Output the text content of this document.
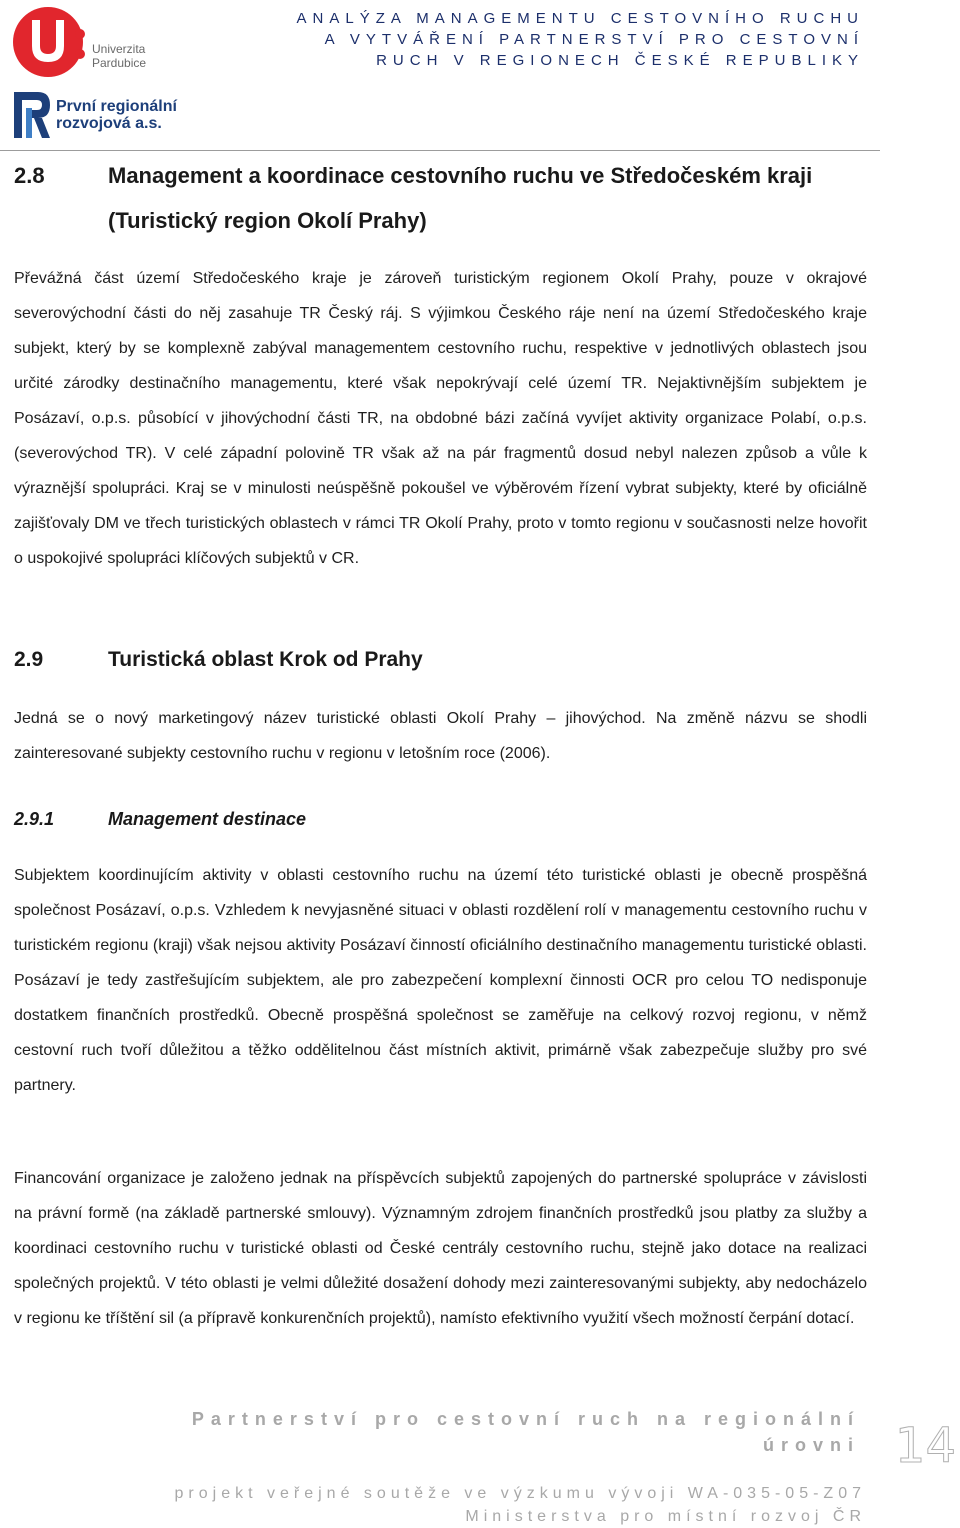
Univerzita
Pardubice
První regionální
rozvojová a.s.
ANALÝZA MANAGEMENTU CESTOVNÍHO RUCHU
A VYTVÁŘENÍ PARTNERSTVÍ PRO CESTOVNÍ
RUCH V REGIONECH ČESKÉ REPUBLIKY
2.8	Management a koordinace cestovního ruchu ve Středočeském kraji
(Turistický region Okolí Prahy)

Převážná část území Středočeského kraje je zároveň turistickým regionem Okolí Prahy, pouze v okrajové severovýchodní části do něj zasahuje TR Český ráj. S výjimkou Českého ráje není na území Středočeského kraje subjekt, který by se komplexně zabýval managementem cestovního ruchu, respektive v jednotlivých oblastech jsou určité zárodky destinačního managementu, které však nepokrývají celé území TR. Nejaktivnějším subjektem je Posázaví, o.p.s. působící v jihovýchodní části TR, na obdobné bázi začíná vyvíjet aktivity organizace Polabí, o.p.s. (severovýchod TR). V celé západní polovině TR však až na pár fragmentů dosud nebyl nalezen způsob a vůle k výraznější spolupráci. Kraj se v minulosti neúspěšně pokoušel ve výběrovém řízení vybrat subjekty, které by oficiálně zajišťovaly DM ve třech turistických oblastech v rámci TR Okolí Prahy, proto v tomto regionu v současnosti nelze hovořit o uspokojivé spolupráci klíčových subjektů v CR.

2.9	Turistická oblast Krok od Prahy

Jedná se o nový marketingový název turistické oblasti Okolí Prahy – jihovýchod. Na změně názvu se shodli zainteresované subjekty cestovního ruchu v regionu v letošním roce (2006).

2.9.1	Management destinace

Subjektem koordinujícím aktivity v oblasti cestovního ruchu na území této turistické oblasti je obecně prospěšná společnost Posázaví, o.p.s. Vzhledem k nevyjasněné situaci v oblasti rozdělení rolí v managementu cestovního ruchu v turistickém regionu (kraji) však nejsou aktivity Posázaví činností oficiálního destinačního managementu turistické oblasti. Posázaví je tedy zastřešujícím subjektem, ale pro zabezpečení komplexní činnosti OCR pro celou TO nedisponuje dostatkem finančních prostředků. Obecně prospěšná společnost se zaměřuje na celkový rozvoj regionu, v němž cestovní ruch tvoří důležitou a těžko oddělitelnou část místních aktivit, primárně však zabezpečuje služby pro své partnery.

Financování organizace je založeno jednak na příspěvcích subjektů zapojených do partnerské spolupráce v závislosti na právní formě (na základě partnerské smlouvy). Významným zdrojem finančních prostředků jsou platby za služby a koordinaci cestovního ruchu v turistické oblasti od České centrály cestovního ruchu, stejně jako dotace na realizaci společných projektů. V této oblasti je velmi důležité dosažení dohody mezi zainteresovanými subjekty, aby nedocházelo v regionu ke tříštění sil (a přípravě konkurenčních projektů), namísto efektivního využití všech možností čerpání dotací.

Partnerství pro cestovní ruch na regionální úrovni
projekt veřejné soutěže ve výzkumu vývoji WA-035-05-Z07
Ministerstva pro místní rozvoj ČR
14
